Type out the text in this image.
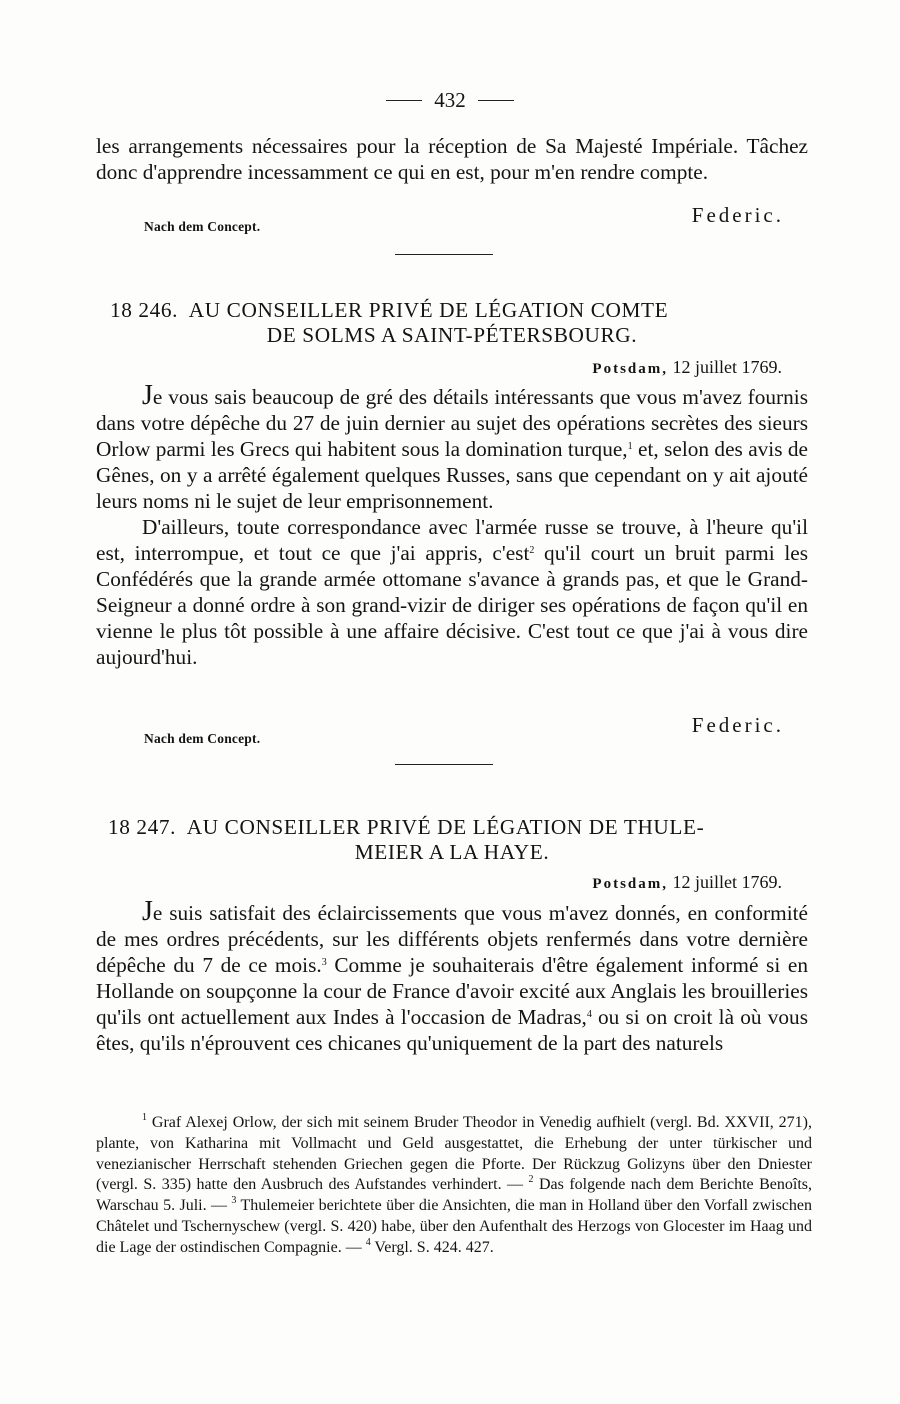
432

les arrangements nécessaires pour la réception de Sa Majesté Impériale. Tâchez donc d'apprendre incessamment ce qui en est, pour m'en rendre compte.

Federic.
Nach dem Concept.
18 246. AU CONSEILLER PRIVÉ DE LÉGATION COMTE
DE SOLMS A SAINT-PÉTERSBOURG.
Potsdam, 12 juillet 1769.

Je vous sais beaucoup de gré des détails intéressants que vous m'avez fournis dans votre dépêche du 27 de juin dernier au sujet des opérations secrètes des sieurs Orlow parmi les Grecs qui habitent sous la domination turque,$^1$ et, selon des avis de Gênes, on y a arrêté également quelques Russes, sans que cependant on y ait ajouté leurs noms ni le sujet de leur emprisonnement.

D'ailleurs, toute correspondance avec l'armée russe se trouve, à l'heure qu'il est, interrompue, et tout ce que j'ai appris, c'est$^2$ qu'il court un bruit parmi les Confédérés que la grande armée ottomane s'avance à grands pas, et que le Grand-Seigneur a donné ordre à son grand-vizir de diriger ses opérations de façon qu'il en vienne le plus tôt possible à une affaire décisive. C'est tout ce que j'ai à vous dire aujourd'hui.

Federic.
Nach dem Concept.
18 247. AU CONSEILLER PRIVÉ DE LÉGATION DE THULE-
MEIER A LA HAYE.
Potsdam, 12 juillet 1769.

Je suis satisfait des éclaircissements que vous m'avez donnés, en conformité de mes ordres précédents, sur les différents objets renfermés dans votre dernière dépêche du 7 de ce mois.$^3$ Comme je souhaiterais d'être également informé si en Hollande on soupçonne la cour de France d'avoir excité aux Anglais les brouilleries qu'ils ont actuellement aux Indes à l'occasion de Madras,$^4$ ou si on croit là où vous êtes, qu'ils n'éprouvent ces chicanes qu'uniquement de la part des naturels

$^1$ Graf Alexej Orlow, der sich mit seinem Bruder Theodor in Venedig aufhielt (vergl. Bd. XXVII, 271), plante, von Katharina mit Vollmacht und Geld ausgestattet, die Erhebung der unter türkischer und venezianischer Herrschaft stehenden Griechen gegen die Pforte. Der Rückzug Golizyns über den Dniester (vergl. S. 335) hatte den Ausbruch des Aufstandes verhindert. — $^2$ Das folgende nach dem Berichte Benoîts, Warschau 5. Juli. — $^3$ Thulemeier berichtete über die Ansichten, die man in Holland über den Vorfall zwischen Châtelet und Tschernyschew (vergl. S. 420) habe, über den Aufenthalt des Herzogs von Glocester im Haag und die Lage der ostindischen Compagnie. — $^4$ Vergl. S. 424. 427.
